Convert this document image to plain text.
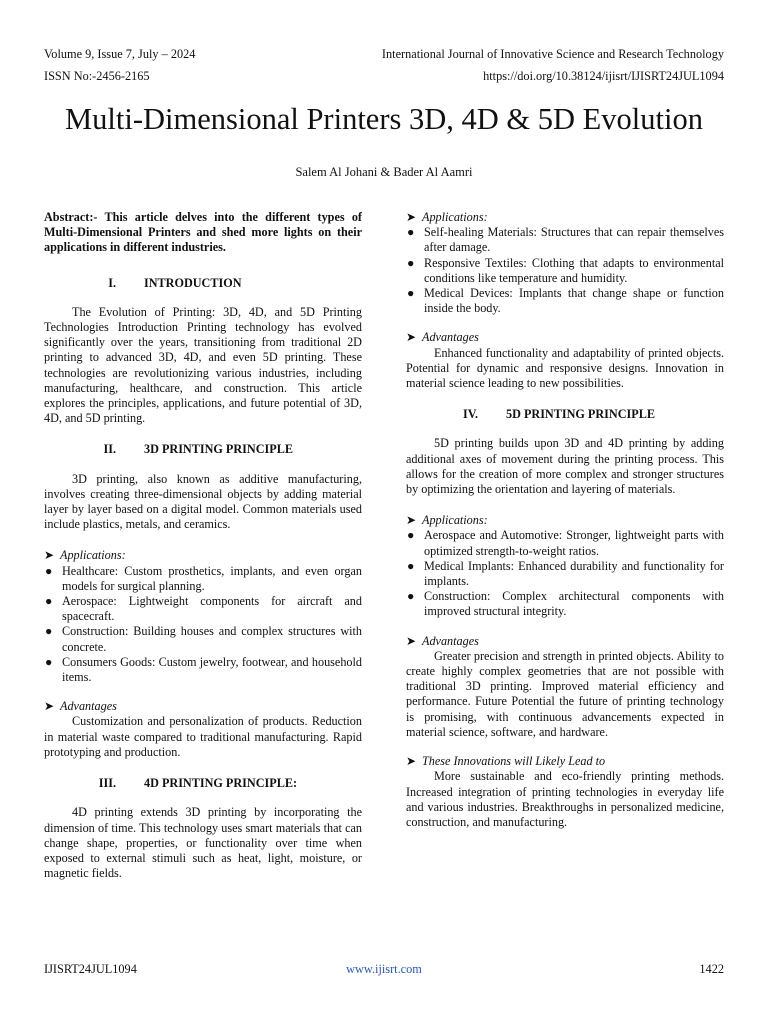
Volume 9, Issue 7, July – 2024
ISSN No:-2456-2165
International Journal of Innovative Science and Research Technology
https://doi.org/10.38124/ijisrt/IJISRT24JUL1094
Multi-Dimensional Printers 3D, 4D & 5D Evolution
Salem Al Johani & Bader Al Aamri

Abstract:- This article delves into the different types of Multi-Dimensional Printers and shed more lights on their applications in different industries.

I.	INTRODUCTION

The Evolution of Printing: 3D, 4D, and 5D Printing Technologies Introduction Printing technology has evolved significantly over the years, transitioning from traditional 2D printing to advanced 3D, 4D, and even 5D printing. These technologies are revolutionizing various industries, including manufacturing, healthcare, and construction. This article explores the principles, applications, and future potential of 3D, 4D, and 5D printing.

II.	3D PRINTING PRINCIPLE

3D printing, also known as additive manufacturing, involves creating three-dimensional objects by adding material layer by layer based on a digital model. Common materials used include plastics, metals, and ceramics.

➤ Applications:
● Healthcare: Custom prosthetics, implants, and even organ models for surgical planning.
● Aerospace: Lightweight components for aircraft and spacecraft.
● Construction: Building houses and complex structures with concrete.
● Consumers Goods: Custom jewelry, footwear, and household items.
➤ Advantages

Customization and personalization of products. Reduction in material waste compared to traditional manufacturing. Rapid prototyping and production.

III.	4D PRINTING PRINCIPLE:

4D printing extends 3D printing by incorporating the dimension of time. This technology uses smart materials that can change shape, properties, or functionality over time when exposed to external stimuli such as heat, light, moisture, or magnetic fields.

➤ Applications:
● Self-healing Materials: Structures that can repair themselves after damage.
● Responsive Textiles: Clothing that adapts to environmental conditions like temperature and humidity.
● Medical Devices: Implants that change shape or function inside the body.
➤ Advantages

Enhanced functionality and adaptability of printed objects. Potential for dynamic and responsive designs. Innovation in material science leading to new possibilities.

IV.	5D PRINTING PRINCIPLE

5D printing builds upon 3D and 4D printing by adding additional axes of movement during the printing process. This allows for the creation of more complex and stronger structures by optimizing the orientation and layering of materials.

➤ Applications:
● Aerospace and Automotive: Stronger, lightweight parts with optimized strength-to-weight ratios.
● Medical Implants: Enhanced durability and functionality for implants.
● Construction: Complex architectural components with improved structural integrity.
➤ Advantages

Greater precision and strength in printed objects. Ability to create highly complex geometries that are not possible with traditional 3D printing. Improved material efficiency and performance. Future Potential the future of printing technology is promising, with continuous advancements expected in material science, software, and hardware.

➤ These Innovations will Likely Lead to

More sustainable and eco-friendly printing methods. Increased integration of printing technologies in everyday life and various industries. Breakthroughs in personalized medicine, construction, and manufacturing.

IJISRT24JUL1094	www.ijisrt.com	1422
